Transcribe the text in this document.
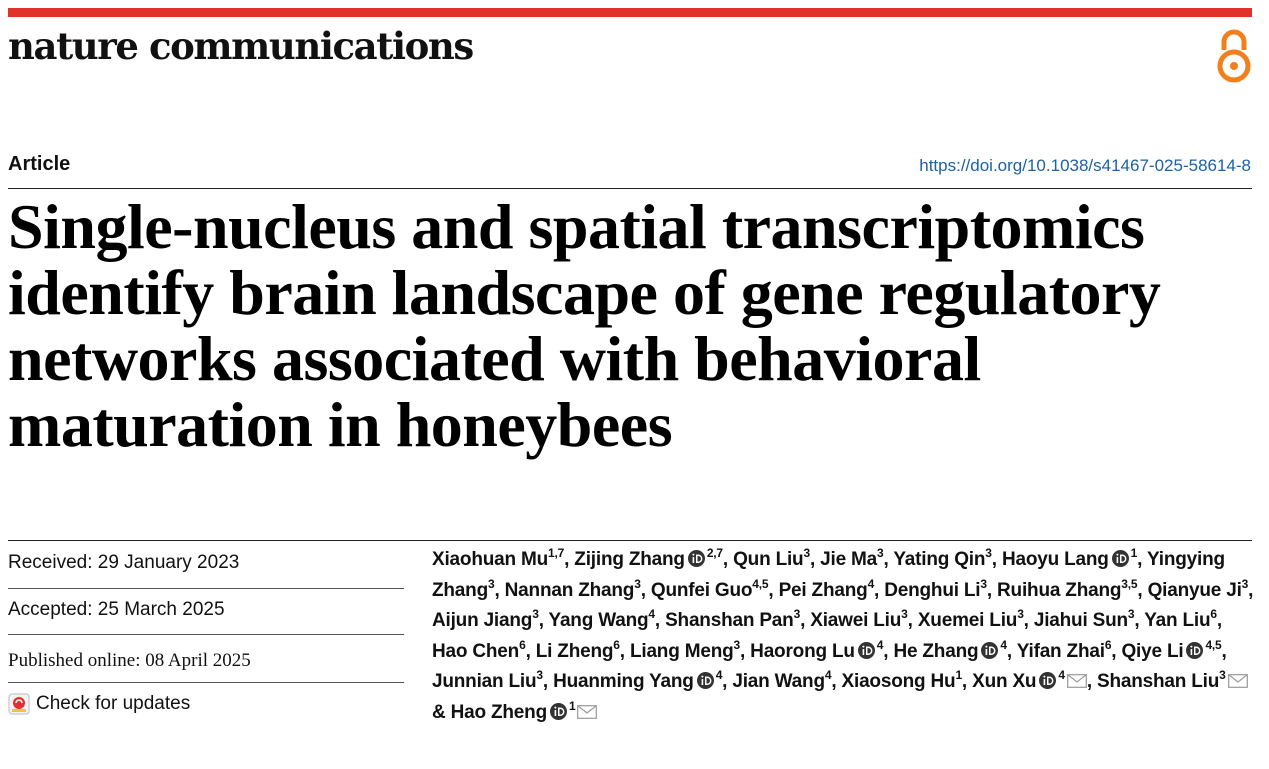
nature communications
Article	https://doi.org/10.1038/s41467-025-58614-8
Single-nucleus and spatial transcriptomics identify brain landscape of gene regulatory networks associated with behavioral maturation in honeybees
Received: 29 January 2023
Accepted: 25 March 2025
Published online: 08 April 2025
Check for updates

Xiaohuan Mu$^{1,7}$, Zijing Zhang $^{2,7}$, Qun Liu$^3$, Jie Ma$^3$, Yating Qin$^3$, Haoyu Lang $^1$, Yingying Zhang$^3$, Nannan Zhang$^3$, Qunfei Guo$^{4,5}$, Pei Zhang$^4$, Denghui Li$^3$, Ruihua Zhang$^{3,5}$, Qianyue Ji$^3$, Aijun Jiang$^3$, Yang Wang$^4$, Shanshan Pan$^3$, Xiawei Liu$^3$, Xuemei Liu$^3$, Jiahui Sun$^3$, Yan Liu$^6$, Hao Chen$^6$, Li Zheng$^6$, Liang Meng$^3$, Haorong Lu $^4$, He Zhang $^4$, Yifan Zhai$^6$, Qiye Li $^{4,5}$, Junnian Liu$^3$, Huanming Yang $^4$, Jian Wang$^4$, Xiaosong Hu$^1$, Xun Xu $^4$ , Shanshan Liu$^3$ & Hao Zheng $^1$
